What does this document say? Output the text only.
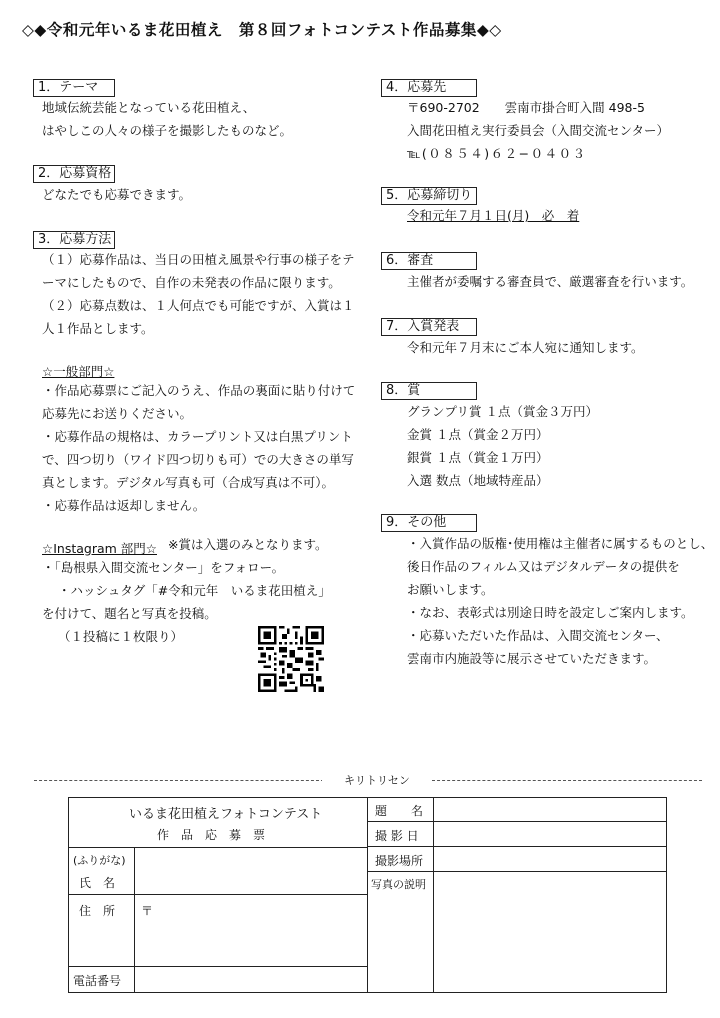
◇◆令和元年いるま花田植え　第８回フォトコンテスト作品募集◆◇
1．テーマ
地域伝統芸能となっている花田植え、
はやしこの人々の様子を撮影したものなど。
2．応募資格
どなたでも応募できます。
3．応募方法
（１）応募作品は、当日の田植え風景や行事の様子をテ
ーマにしたもので、自作の未発表の作品に限ります。
（２）応募点数は、１人何点でも可能ですが、入賞は１
人１作品とします。
☆一般部門☆
・作品応募票にご記入のうえ、作品の裏面に貼り付けて
応募先にお送りください。
・応募作品の規格は、カラープリント又は白黒プリント
で、四つ切り（ワイド四つ切りも可）での大きさの単写
真とします。デジタル写真も可（合成写真は不可）。
・応募作品は返却しません。
☆Instagram 部門☆ ※賞は入選のみとなります。
・「島根県入間交流センター」をフォロー。
・ハッシュタグ「#令和元年　いるま花田植え」
を付けて、題名と写真を投稿。
（１投稿に１枚限り）
4．応募先
〒690-2702　　雲南市掛合町入間 498-5
入間花田植え実行委員会（入間交流センター）
℡(０８５４)６２−０４０３
5．応募締切り
令和元年７月１日(月)　必　着
6．審査
主催者が委嘱する審査員で、厳選審査を行います。
7．入賞発表
令和元年７月末にご本人宛に通知します。
8．賞
グランプリ賞 １点（賞金３万円）
金賞 １点（賞金２万円）
銀賞 １点（賞金１万円）
入選 数点（地域特産品）
9．その他
・入賞作品の版権･使用権は主催者に属するものとし、
後日作品のフィルム又はデジタルデータの提供を
お願いします。
・なお、表彰式は別途日時を設定しご案内します。
・応募いただいた作品は、入間交流センター、
雲南市内施設等に展示させていただきます。
キリトリセン
いるま花田植えフォトコンテスト
作　品　応　募　票
(ふりがな)
氏　名
住　所 〒
電話番号
題　　名
撮 影 日
撮影場所
写真の説明
